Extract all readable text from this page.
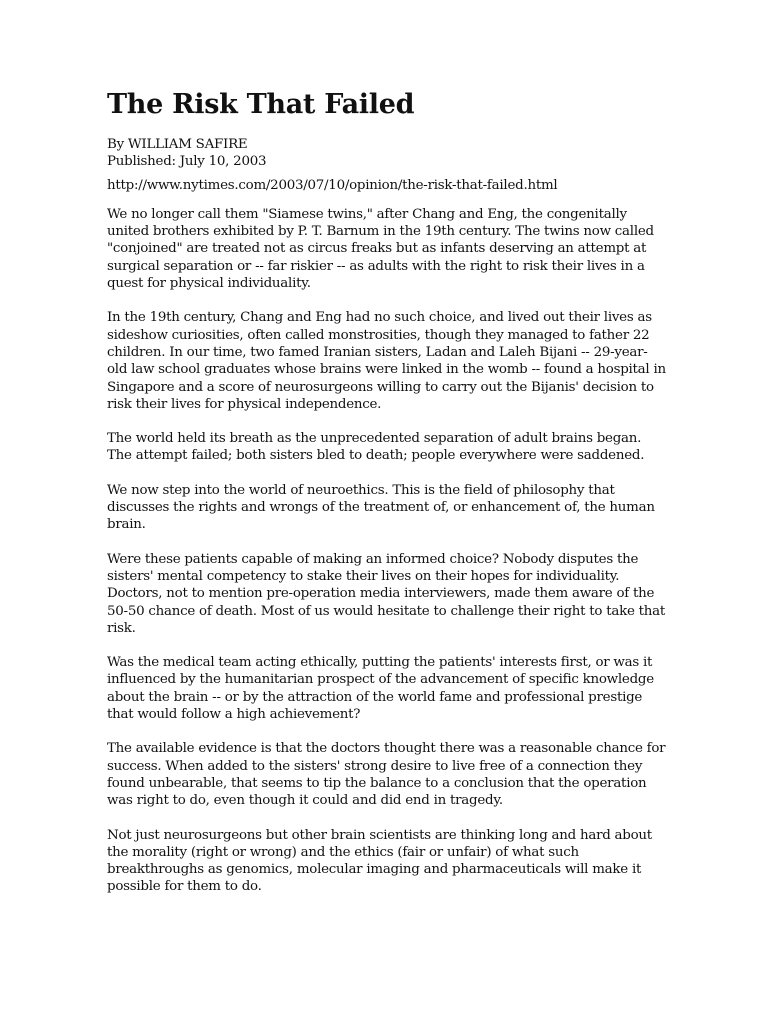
The Risk That Failed
By WILLIAM SAFIRE
Published: July 10, 2003
http://www.nytimes.com/2003/07/10/opinion/the-risk-that-failed.html

We no longer call them "Siamese twins," after Chang and Eng, the congenitally united brothers exhibited by P. T. Barnum in the 19th century. The twins now called "conjoined" are treated not as circus freaks but as infants deserving an attempt at surgical separation or -- far riskier -- as adults with the right to risk their lives in a quest for physical individuality.

In the 19th century, Chang and Eng had no such choice, and lived out their lives as sideshow curiosities, often called monstrosities, though they managed to father 22 children. In our time, two famed Iranian sisters, Ladan and Laleh Bijani -- 29-year-old law school graduates whose brains were linked in the womb -- found a hospital in Singapore and a score of neurosurgeons willing to carry out the Bijanis' decision to risk their lives for physical independence.

The world held its breath as the unprecedented separation of adult brains began. The attempt failed; both sisters bled to death; people everywhere were saddened.

We now step into the world of neuroethics. This is the field of philosophy that discusses the rights and wrongs of the treatment of, or enhancement of, the human brain.

Were these patients capable of making an informed choice? Nobody disputes the sisters' mental competency to stake their lives on their hopes for individuality. Doctors, not to mention pre-operation media interviewers, made them aware of the 50-50 chance of death. Most of us would hesitate to challenge their right to take that risk.

Was the medical team acting ethically, putting the patients' interests first, or was it influenced by the humanitarian prospect of the advancement of specific knowledge about the brain -- or by the attraction of the world fame and professional prestige that would follow a high achievement?

The available evidence is that the doctors thought there was a reasonable chance for success. When added to the sisters' strong desire to live free of a connection they found unbearable, that seems to tip the balance to a conclusion that the operation was right to do, even though it could and did end in tragedy.

Not just neurosurgeons but other brain scientists are thinking long and hard about the morality (right or wrong) and the ethics (fair or unfair) of what such breakthroughs as genomics, molecular imaging and pharmaceuticals will make it possible for them to do.
